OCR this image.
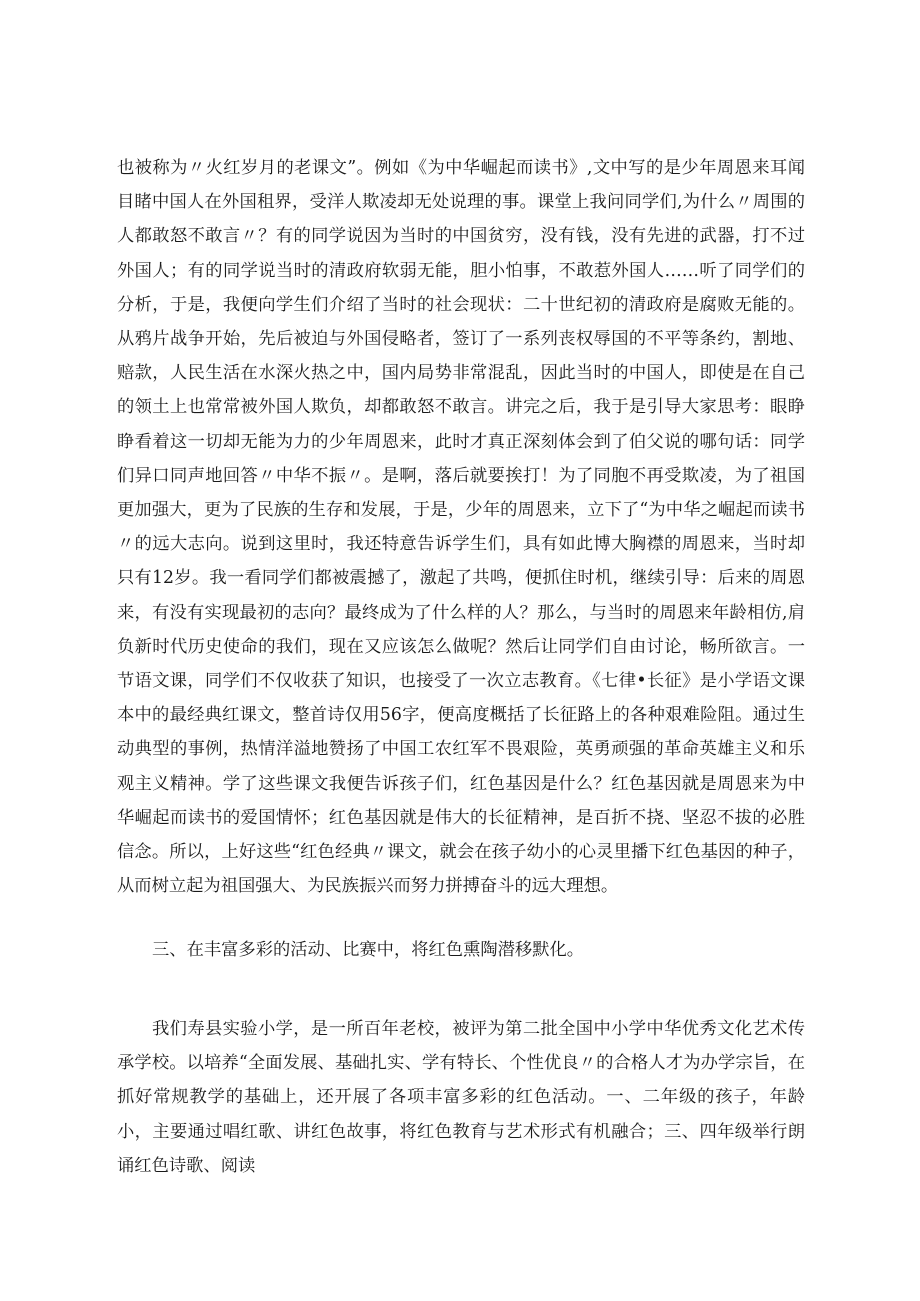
也被称为〃火红岁月的老课文”。例如《为中华崛起而读书》,文中写的是少年周恩来耳闻目睹中国人在外国租界，受洋人欺凌却无处说理的事。课堂上我问同学们,为什么〃周围的人都敢怒不敢言〃？有的同学说因为当时的中国贫穷，没有钱，没有先进的武器，打不过外国人；有的同学说当时的清政府软弱无能，胆小怕事，不敢惹外国人……听了同学们的分析，于是，我便向学生们介绍了当时的社会现状：二十世纪初的清政府是腐败无能的。从鸦片战争开始，先后被迫与外国侵略者，签订了一系列丧权辱国的不平等条约，割地、赔款，人民生活在水深火热之中，国内局势非常混乱，因此当时的中国人，即使是在自己的领土上也常常被外国人欺负，却都敢怒不敢言。讲完之后，我于是引导大家思考：眼睁睁看着这一切却无能为力的少年周恩来，此时才真正深刻体会到了伯父说的哪句话：同学们异口同声地回答〃中华不振〃。是啊，落后就要挨打！为了同胞不再受欺凌，为了祖国更加强大，更为了民族的生存和发展，于是，少年的周恩来，立下了“为中华之崛起而读书〃的远大志向。说到这里时，我还特意告诉学生们，具有如此博大胸襟的周恩来，当时却只有12岁。我一看同学们都被震撼了，激起了共鸣，便抓住时机，继续引导：后来的周恩来，有没有实现最初的志向？最终成为了什么样的人？那么，与当时的周恩来年龄相仿,肩负新时代历史使命的我们，现在又应该怎么做呢？然后让同学们自由讨论，畅所欲言。一节语文课，同学们不仅收获了知识，也接受了一次立志教育。《七律•长征》是小学语文课本中的最经典红课文，整首诗仅用56字，便高度概括了长征路上的各种艰难险阻。通过生动典型的事例，热情洋溢地赞扬了中国工农红军不畏艰险，英勇顽强的革命英雄主义和乐观主义精神。学了这些课文我便告诉孩子们，红色基因是什么？红色基因就是周恩来为中华崛起而读书的爱国情怀；红色基因就是伟大的长征精神，是百折不挠、坚忍不拔的必胜信念。所以，上好这些“红色经典〃课文，就会在孩子幼小的心灵里播下红色基因的种子，从而树立起为祖国强大、为民族振兴而努力拼搏奋斗的远大理想。

三、在丰富多彩的活动、比赛中，将红色熏陶潜移默化。

我们寿县实验小学，是一所百年老校，被评为第二批全国中小学中华优秀文化艺术传承学校。以培养“全面发展、基础扎实、学有特长、个性优良〃的合格人才为办学宗旨，在抓好常规教学的基础上，还开展了各项丰富多彩的红色活动。一、二年级的孩子，年龄小，主要通过唱红歌、讲红色故事，将红色教育与艺术形式有机融合；三、四年级举行朗诵红色诗歌、阅读
